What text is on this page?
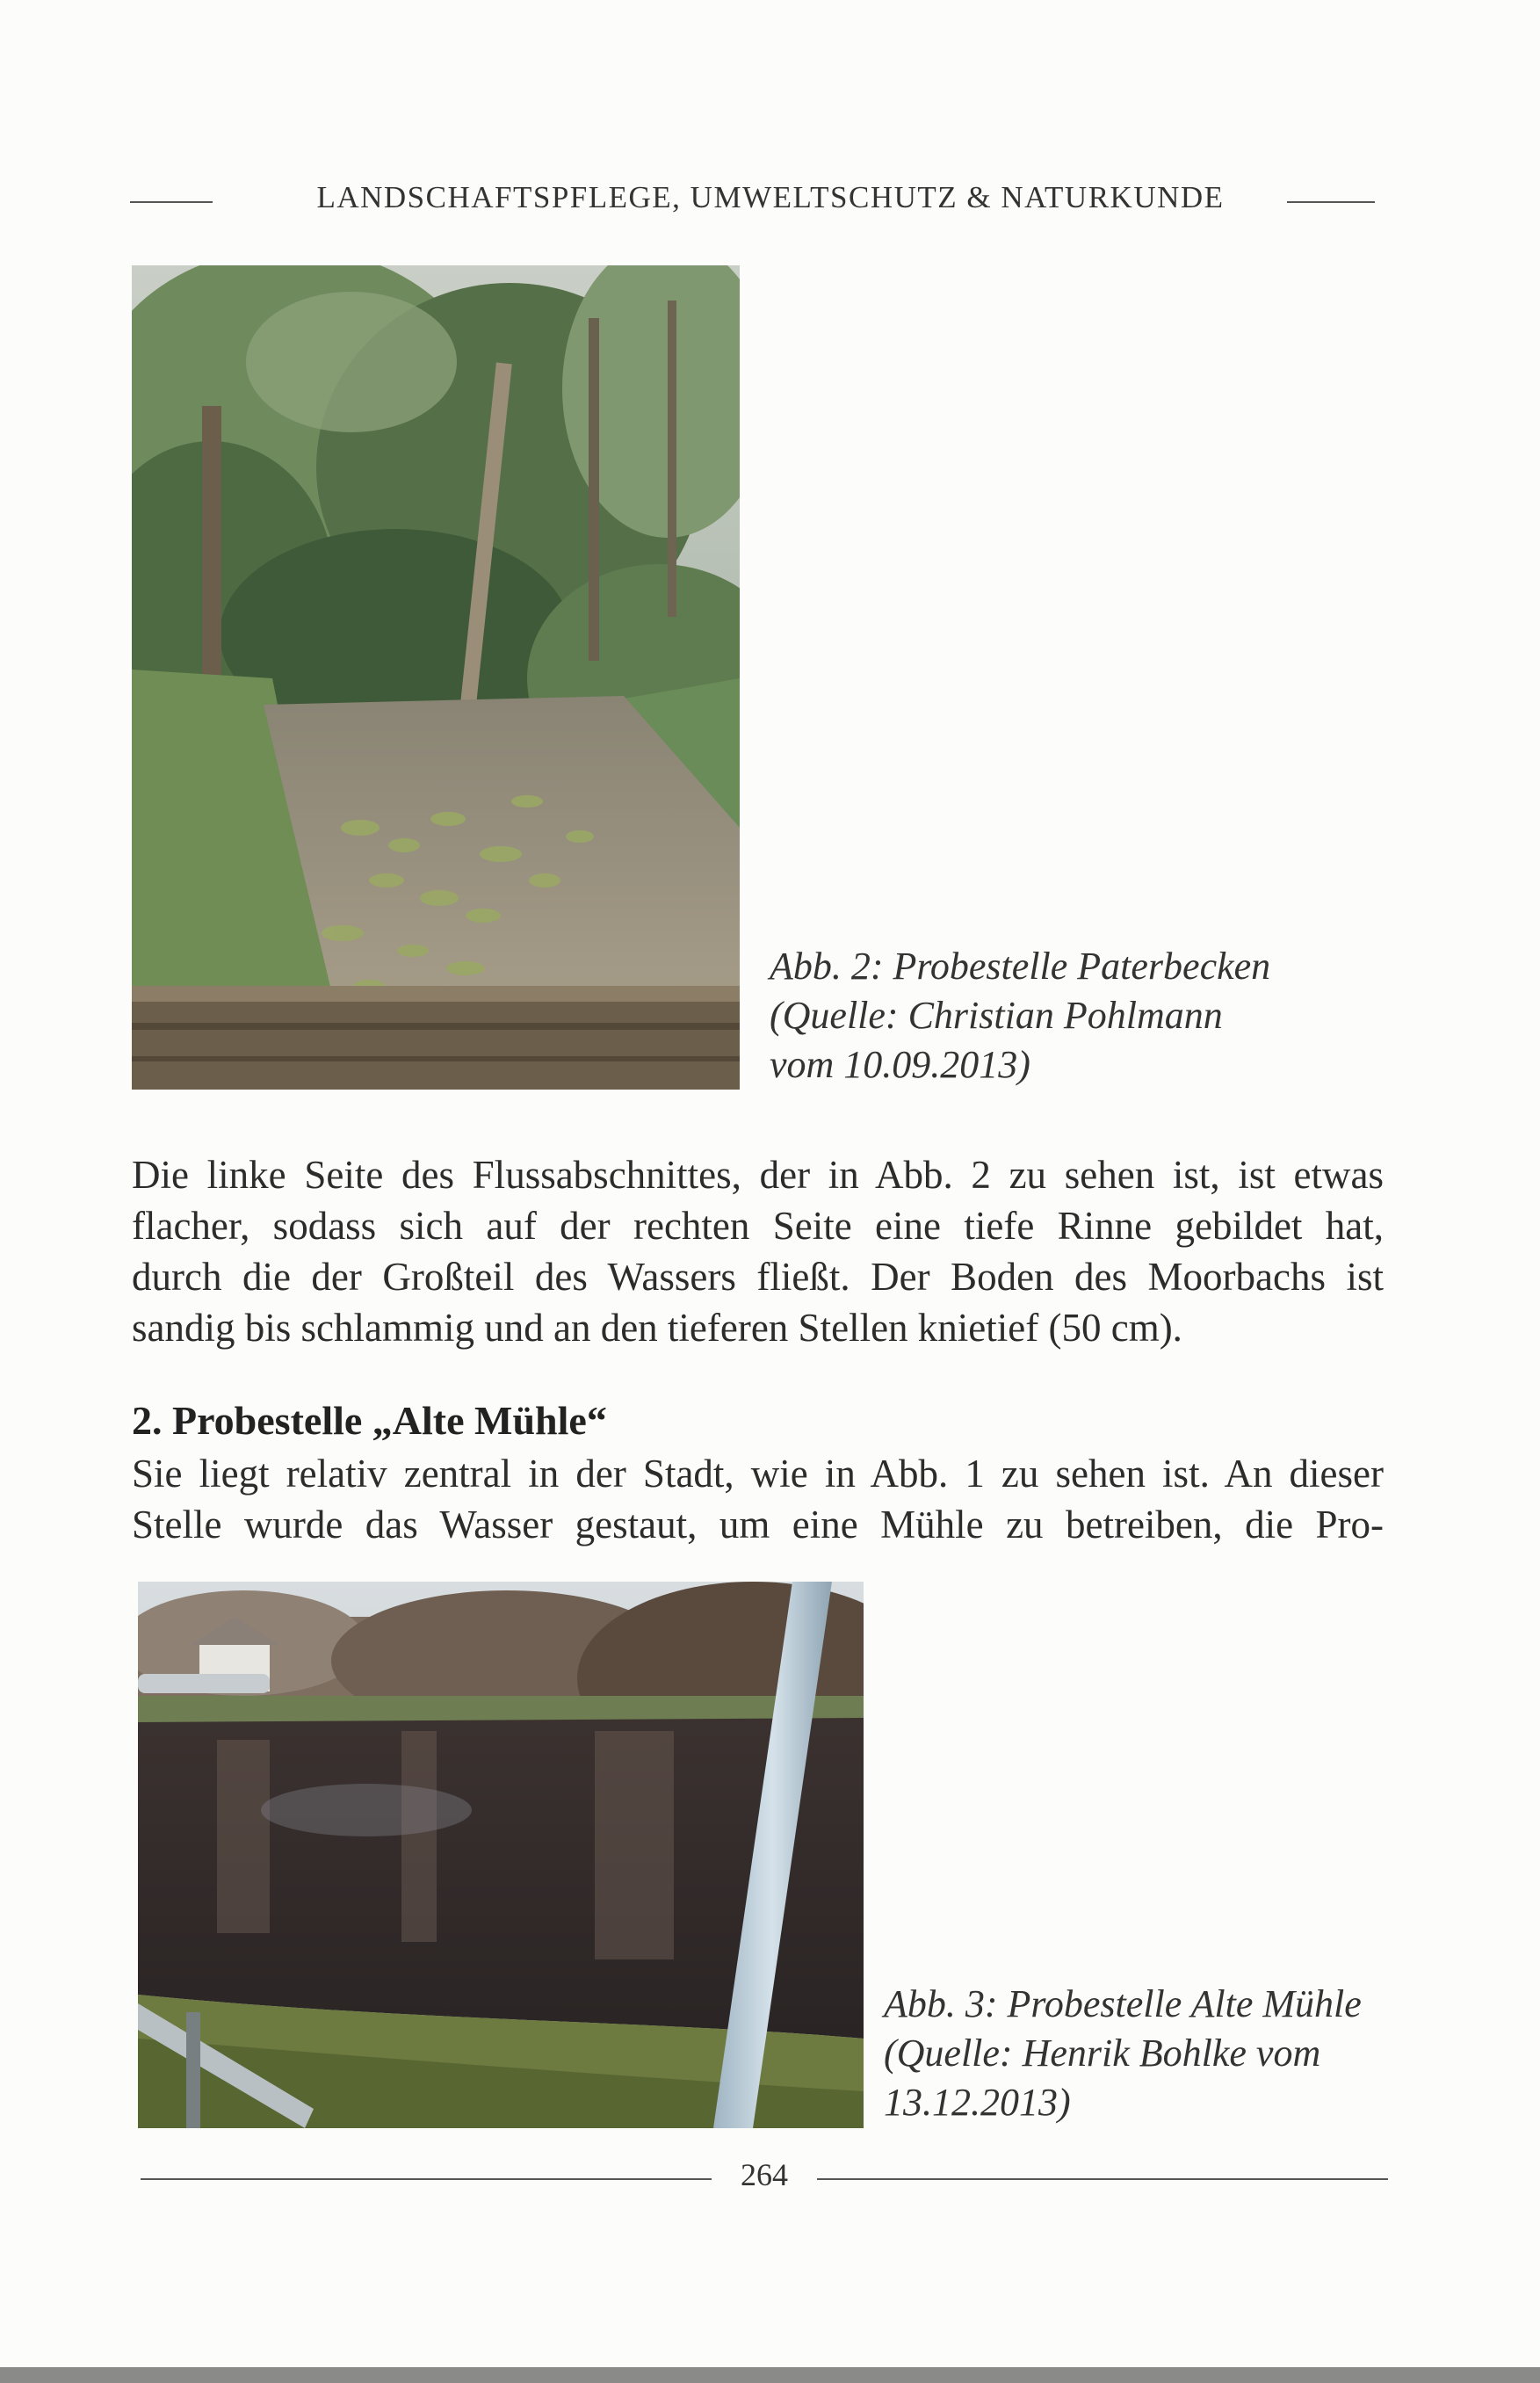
LANDSCHAFTSPFLEGE, UMWELTSCHUTZ & NATURKUNDE
Abb. 2: Probestelle Paterbecken
(Quelle: Christian Pohlmann
vom 10.09.2013)
Die linke Seite des Flussabschnittes, der in Abb. 2 zu sehen ist, ist etwas
flacher, sodass sich auf der rechten Seite eine tiefe Rinne gebildet hat,
durch die der Großteil des Wassers fließt. Der Boden des Moorbachs ist
sandig bis schlammig und an den tieferen Stellen knietief (50 cm).
2. Probestelle „Alte Mühle“
Sie liegt relativ zentral in der Stadt, wie in Abb. 1 zu sehen ist. An dieser
Stelle wurde das Wasser gestaut, um eine Mühle zu betreiben, die Pro-
Abb. 3: Probestelle Alte Mühle
(Quelle: Henrik Bohlke vom
13.12.2013)
264
